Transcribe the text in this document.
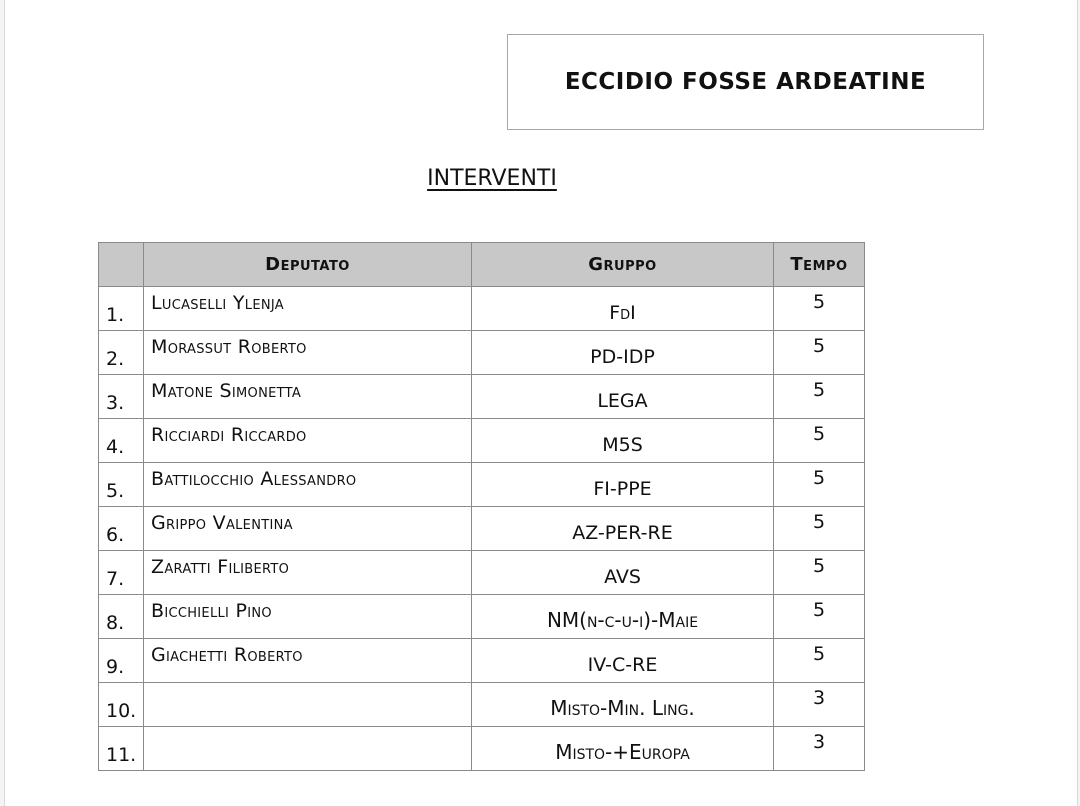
ECCIDIO FOSSE ARDEATINE
INTERVENTI
	Deputato	Gruppo	Tempo
1.	Lucaselli Ylenja	FdI	5
2.	Morassut Roberto	PD-IDP	5
3.	Matone Simonetta	LEGA	5
4.	Ricciardi Riccardo	M5S	5
5.	Battilocchio Alessandro	FI-PPE	5
6.	Grippo Valentina	AZ-PER-RE	5
7.	Zaratti Filiberto	AVS	5
8.	Bicchielli Pino	NM(n-c-u-i)-Maie	5
9.	Giachetti Roberto	IV-C-RE	5
10.		Misto-Min. Ling.	3
11.		Misto-+Europa	3
